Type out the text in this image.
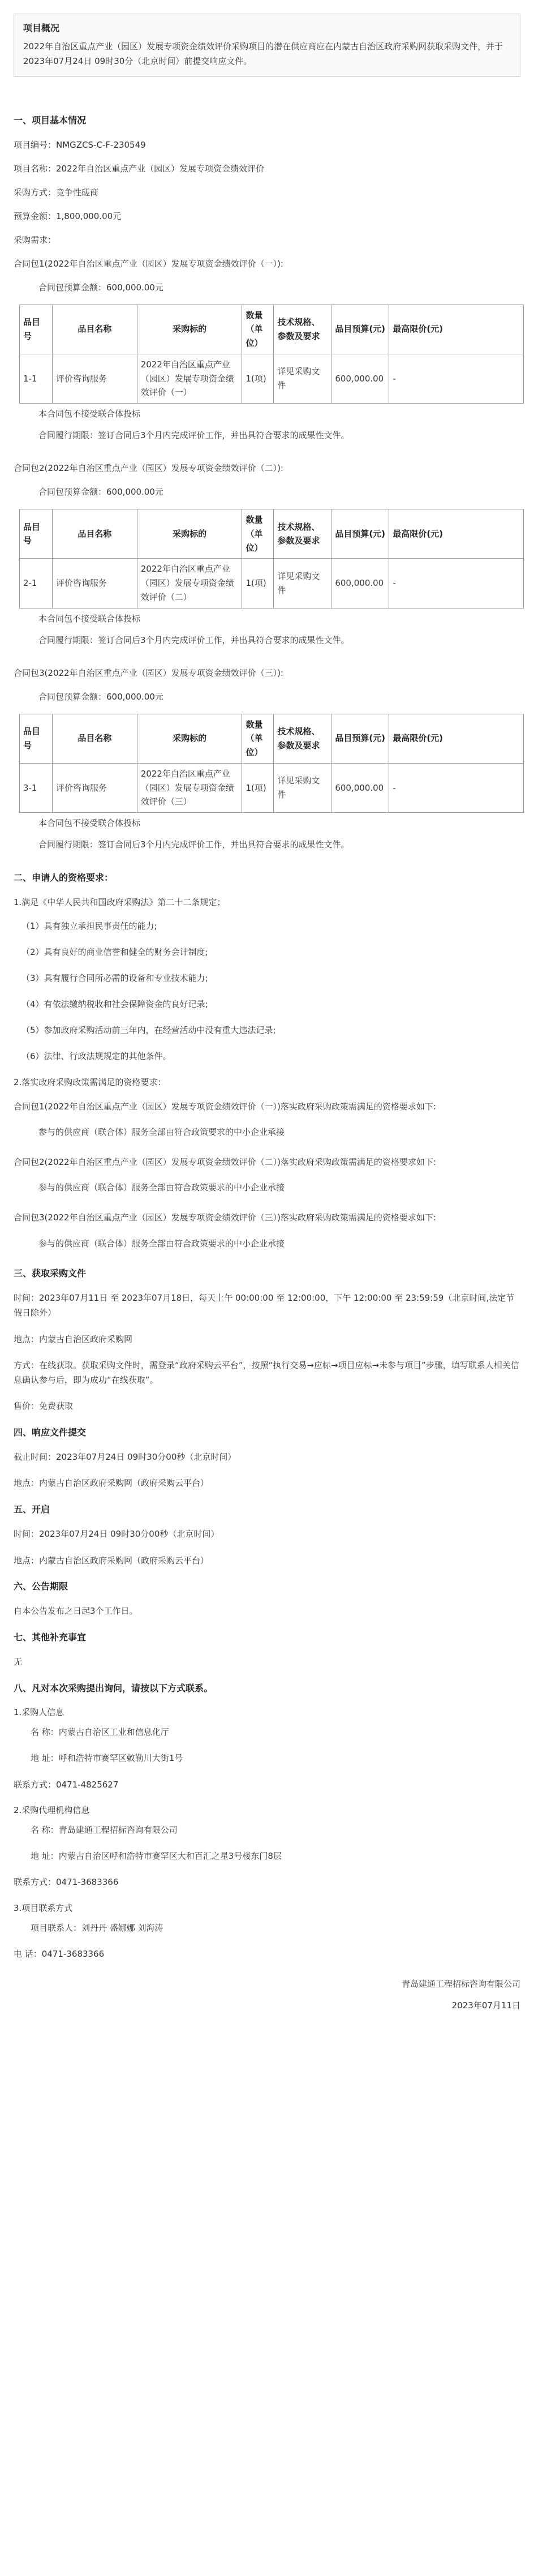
项目概况
2022年自治区重点产业（园区）发展专项资金绩效评价采购项目的潜在供应商应在内蒙古自治区政府采购网获取采购文件，并于 2023年07月24日 09时30分（北京时间）前提交响应文件。
一、项目基本情况
项目编号：NMGZCS-C-F-230549
项目名称：2022年自治区重点产业（园区）发展专项资金绩效评价
采购方式：竞争性磋商
预算金额：1,800,000.00元
采购需求：
合同包1(2022年自治区重点产业（园区）发展专项资金绩效评价（一）):
合同包预算金额：600,000.00元
品目号	品目名称	采购标的	数量（单位）	技术规格、参数及要求	品目预算(元)	最高限价(元)
1-1	评价咨询服务	2022年自治区重点产业（园区）发展专项资金绩效评价（一）	1(项)	详见采购文件	600,000.00	-
本合同包不接受联合体投标
合同履行期限：签订合同后3个月内完成评价工作，并出具符合要求的成果性文件。
合同包2(2022年自治区重点产业（园区）发展专项资金绩效评价（二）):
合同包预算金额：600,000.00元
品目号	品目名称	采购标的	数量（单位）	技术规格、参数及要求	品目预算(元)	最高限价(元)
2-1	评价咨询服务	2022年自治区重点产业（园区）发展专项资金绩效评价（二）	1(项)	详见采购文件	600,000.00	-
本合同包不接受联合体投标
合同履行期限：签订合同后3个月内完成评价工作，并出具符合要求的成果性文件。
合同包3(2022年自治区重点产业（园区）发展专项资金绩效评价（三）):
合同包预算金额：600,000.00元
品目号	品目名称	采购标的	数量（单位）	技术规格、参数及要求	品目预算(元)	最高限价(元)
3-1	评价咨询服务	2022年自治区重点产业（园区）发展专项资金绩效评价（三）	1(项)	详见采购文件	600,000.00	-
本合同包不接受联合体投标
合同履行期限：签订合同后3个月内完成评价工作，并出具符合要求的成果性文件。
二、申请人的资格要求：
1.满足《中华人民共和国政府采购法》第二十二条规定；
（1）具有独立承担民事责任的能力;
（2）具有良好的商业信誉和健全的财务会计制度;
（3）具有履行合同所必需的设备和专业技术能力;
（4）有依法缴纳税收和社会保障资金的良好记录;
（5）参加政府采购活动前三年内，在经营活动中没有重大违法记录;
（6）法律、行政法规规定的其他条件。
2.落实政府采购政策需满足的资格要求：
合同包1(2022年自治区重点产业（园区）发展专项资金绩效评价（一）)落实政府采购政策需满足的资格要求如下:
参与的供应商（联合体）服务全部由符合政策要求的中小企业承接
合同包2(2022年自治区重点产业（园区）发展专项资金绩效评价（二）)落实政府采购政策需满足的资格要求如下:
参与的供应商（联合体）服务全部由符合政策要求的中小企业承接
合同包3(2022年自治区重点产业（园区）发展专项资金绩效评价（三）)落实政府采购政策需满足的资格要求如下:
参与的供应商（联合体）服务全部由符合政策要求的中小企业承接
三、获取采购文件
时间：2023年07月11日 至 2023年07月18日，每天上午 00:00:00 至 12:00:00，下午 12:00:00 至 23:59:59（北京时间,法定节假日除外）
地点：内蒙古自治区政府采购网
方式：在线获取。获取采购文件时，需登录“政府采购云平台”，按照“执行交易→应标→项目应标→未参与项目”步骤，填写联系人相关信息确认参与后，即为成功“在线获取”。
售价：免费获取
四、响应文件提交
截止时间：2023年07月24日 09时30分00秒（北京时间）
地点：内蒙古自治区政府采购网（政府采购云平台）
五、开启
时间：2023年07月24日 09时30分00秒（北京时间）
地点：内蒙古自治区政府采购网（政府采购云平台）
六、公告期限
自本公告发布之日起3个工作日。
七、其他补充事宜
无
八、凡对本次采购提出询问，请按以下方式联系。
1.采购人信息
名 称：内蒙古自治区工业和信息化厅
地 址：呼和浩特市赛罕区敕勒川大街1号
联系方式：0471-4825627
2.采购代理机构信息
名 称：青岛建通工程招标咨询有限公司
地 址：内蒙古自治区呼和浩特市赛罕区大和百汇之星3号楼东门8层
联系方式：0471-3683366
3.项目联系方式
项目联系人：刘丹丹 盛娜娜 刘海涛
电 话：0471-3683366
青岛建通工程招标咨询有限公司
2023年07月11日
